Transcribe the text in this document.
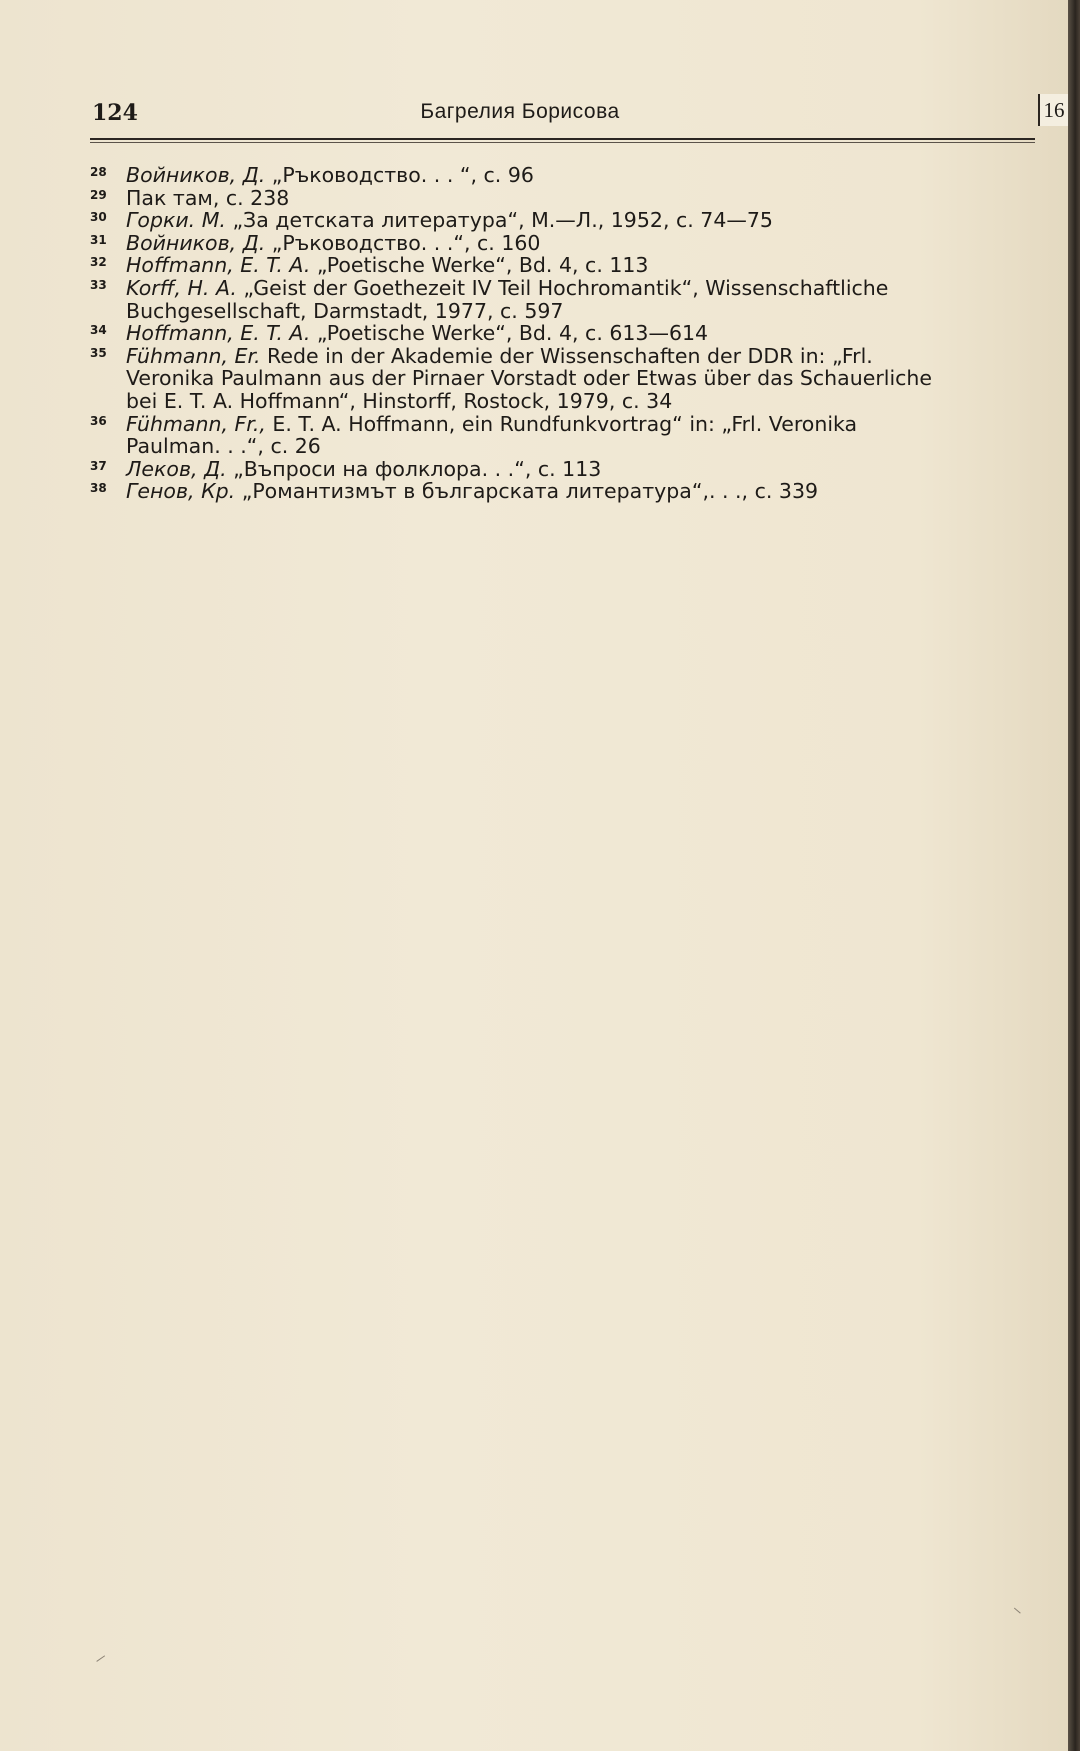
16
124	Багрелия Борисова
28 Войников, Д. „Ръководство. . . “, с. 96
29 Пак там, с. 238
30 Горки. М. „За детската литература“, М.—Л., 1952, с. 74—75
31 Войников, Д. „Ръководство. . .“, с. 160
32 Hoffmann, E. T. A. „Poetische Werke“, Bd. 4, c. 113
33 Korff, H. A. „Geist der Goethezeit IV Teil Hochromantik“, Wissenschaftliche
Buchgesellschaft, Darmstadt, 1977, c. 597
34 Hoffmann, E. T. A. „Poetische Werke“, Bd. 4, c. 613—614
35 Fühmann, Er. Rede in der Akademie der Wissenschaften der DDR in: „Frl.
Veronika Paulmann aus der Pirnaer Vorstadt oder Etwas über das Schauerliche
bei E. T. A. Hoffmann“, Hinstorff, Rostock, 1979, c. 34
36 Fühmann, Fr., E. T. A. Hoffmann, ein Rundfunkvortrag“ in: „Frl. Veronika
Paulman. . .“, c. 26
37 Леков, Д. „Въпроси на фолклора. . .“, с. 113
38 Генов, Кр. „Романтизмът в българската литература“,. . ., с. 339
